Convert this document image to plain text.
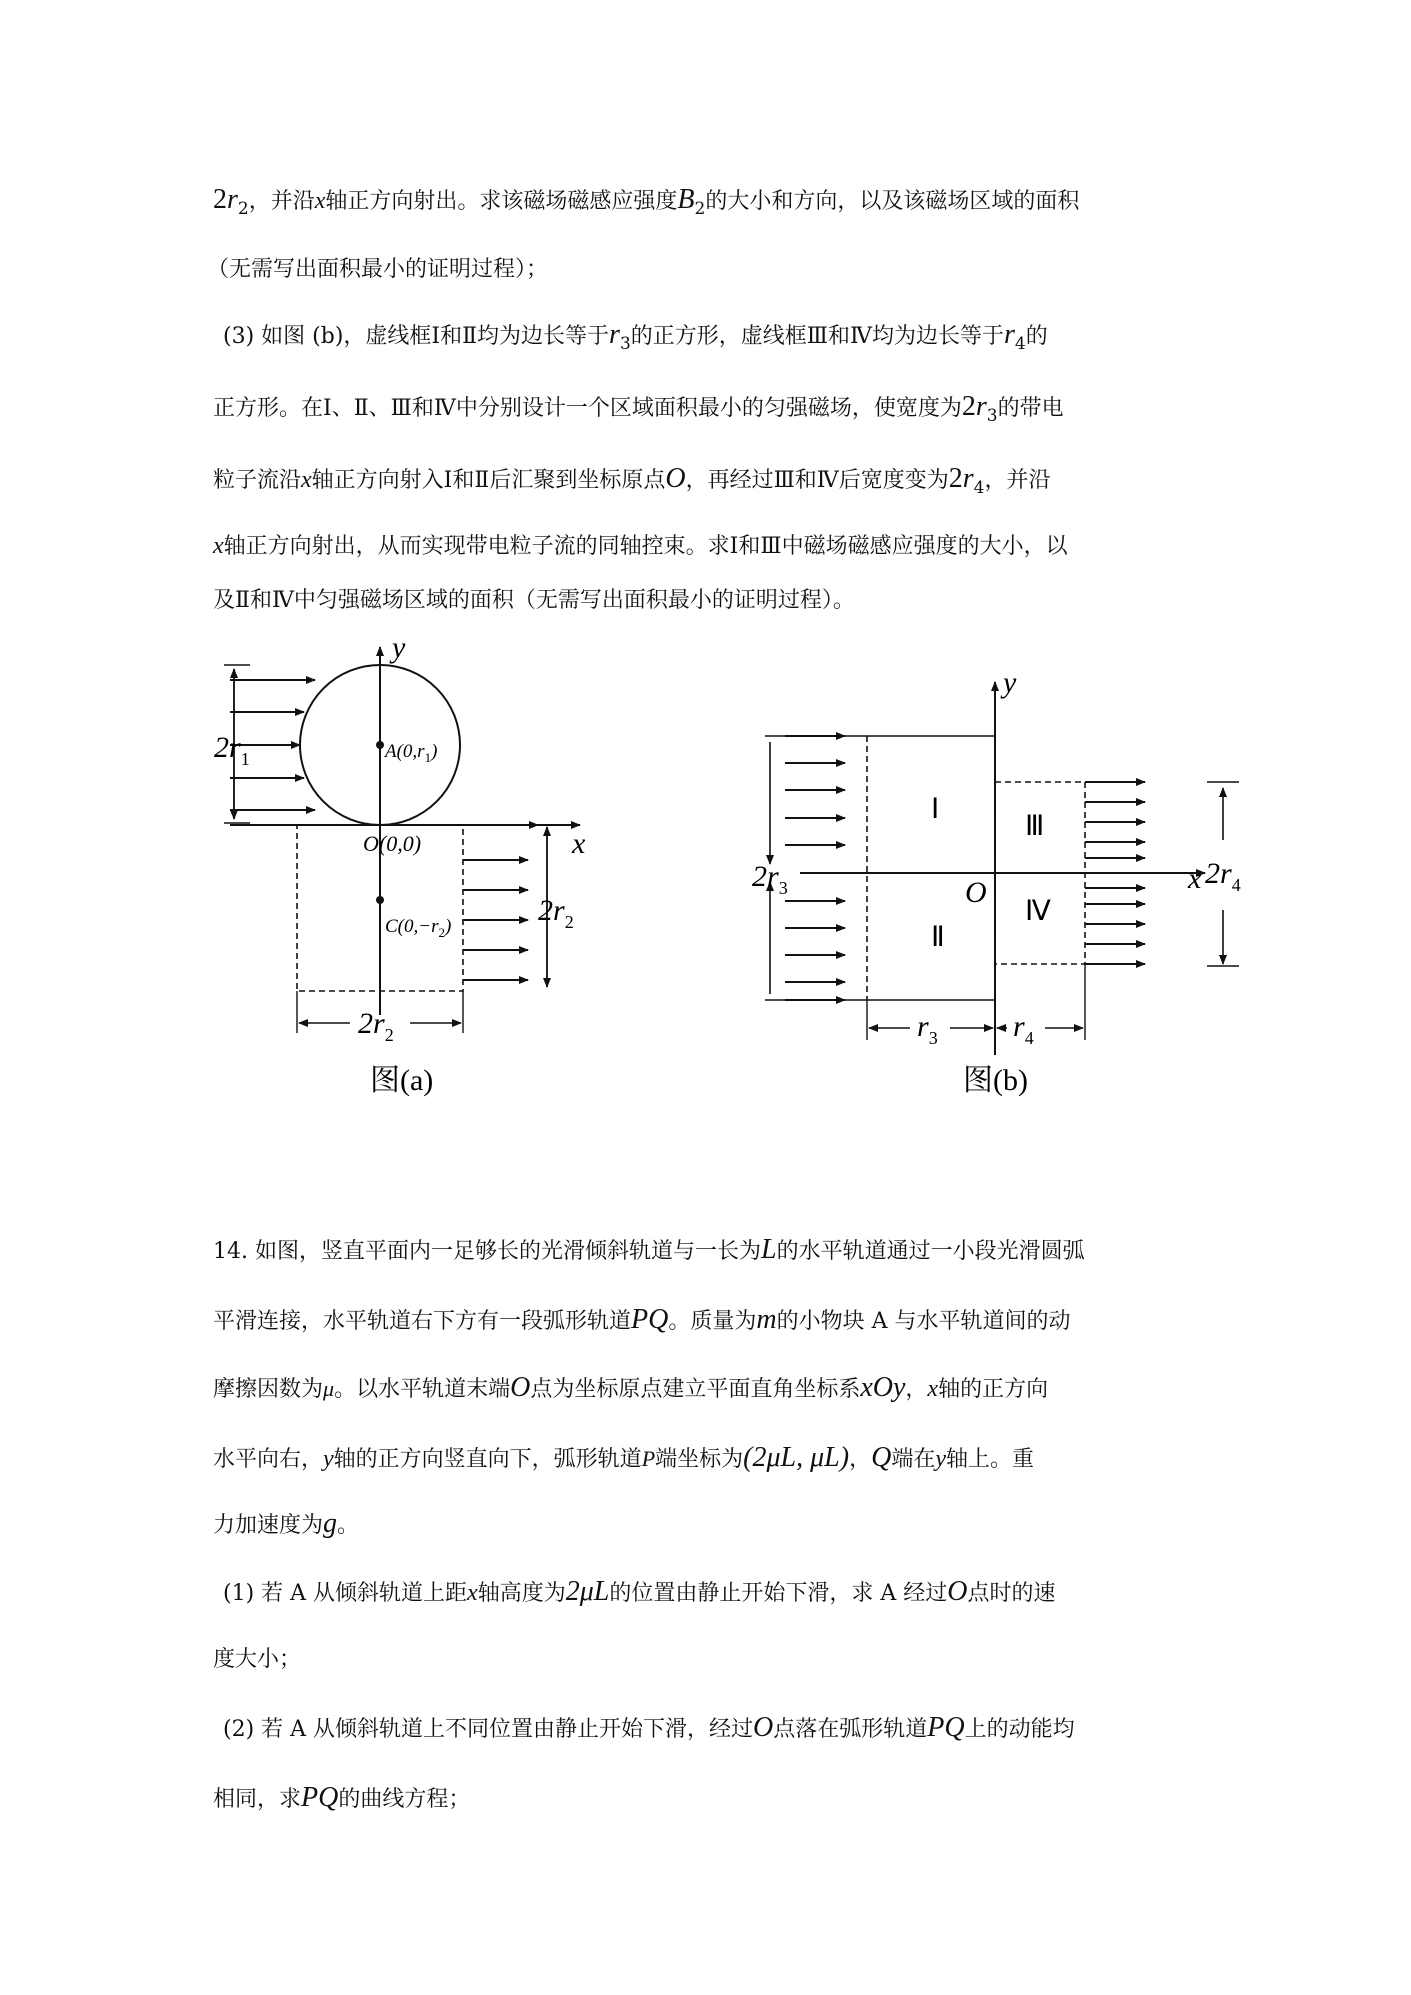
$2r_2$，并沿x轴正方向射出。求该磁场磁感应强度$B_2$的大小和方向，以及该磁场区域的面积
（无需写出面积最小的证明过程）；
(3) 如图 (b)，虚线框Ⅰ和Ⅱ均为边长等于$r_3$的正方形，虚线框Ⅲ和Ⅳ均为边长等于$r_4$的
正方形。在Ⅰ、Ⅱ、Ⅲ和Ⅳ中分别设计一个区域面积最小的匀强磁场，使宽度为$2r_3$的带电
粒子流沿x轴正方向射入Ⅰ和Ⅱ后汇聚到坐标原点O，再经过Ⅲ和Ⅳ后宽度变为$2r_4$，并沿
x轴正方向射出，从而实现带电粒子流的同轴控束。求Ⅰ和Ⅲ中磁场磁感应强度的大小，以
及Ⅱ和Ⅳ中匀强磁场区域的面积（无需写出面积最小的证明过程）。
y
x
$2r_1$	$A(0,r_1)$
O(0,0)
$C(0,-r_2)$	$2r_2$
$2r_2$
图(a)
y
x
O
Ⅰ
Ⅱ
Ⅲ
Ⅳ
$2r_3$	$2r_4$
$r_3$	$r_4$
图(b)
14. 如图，竖直平面内一足够长的光滑倾斜轨道与一长为L的水平轨道通过一小段光滑圆弧
平滑连接，水平轨道右下方有一段弧形轨道PQ。质量为m的小物块 A 与水平轨道间的动
摩擦因数为μ。以水平轨道末端O点为坐标原点建立平面直角坐标系xOy，x轴的正方向
水平向右，y轴的正方向竖直向下，弧形轨道P端坐标为(2μL, μL)，Q端在y轴上。重
力加速度为g。
(1) 若 A 从倾斜轨道上距x轴高度为2μL的位置由静止开始下滑，求 A 经过O点时的速
度大小；
(2) 若 A 从倾斜轨道上不同位置由静止开始下滑，经过O点落在弧形轨道PQ上的动能均
相同，求PQ的曲线方程；
